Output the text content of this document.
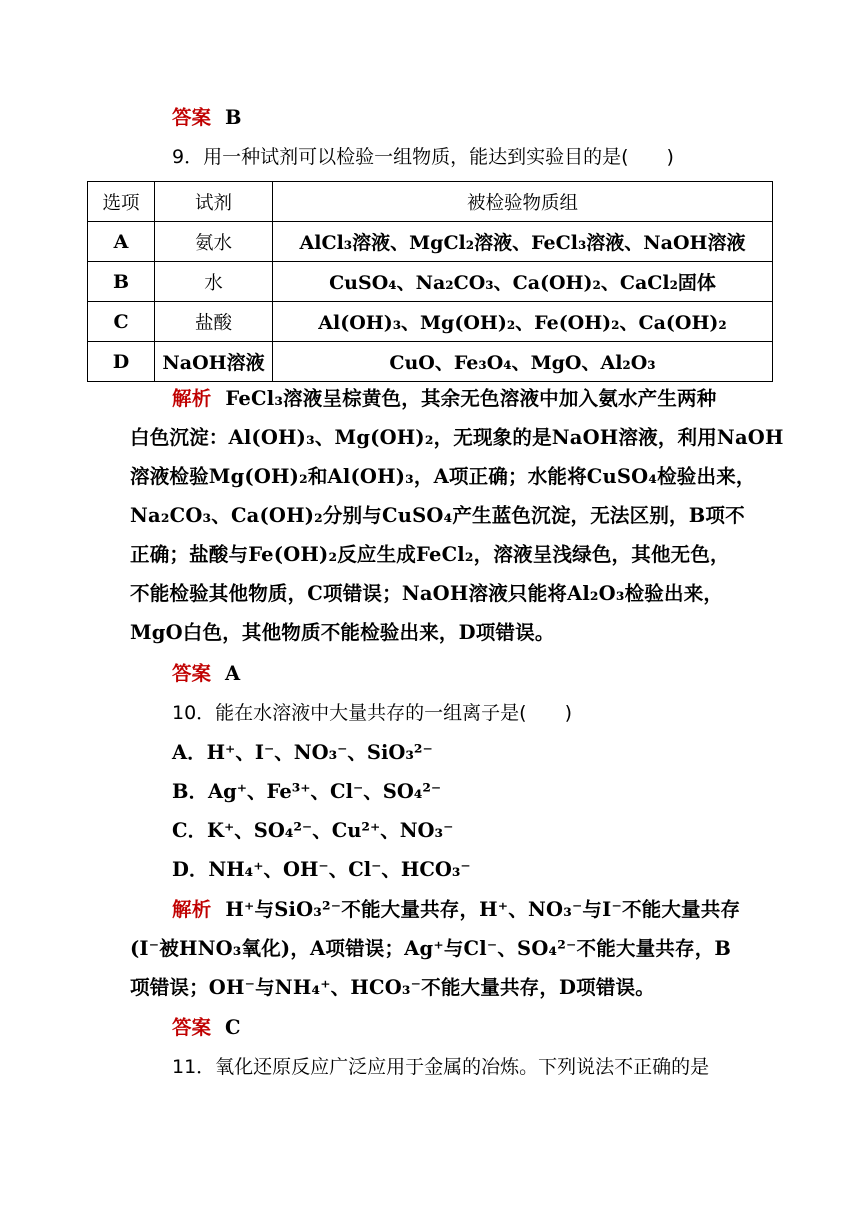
答案 B
9．用一种试剂可以检验一组物质，能达到实验目的是(　　)
选项	试剂	被检验物质组
A	氨水	AlCl₃溶液、MgCl₂溶液、FeCl₃溶液、NaOH溶液
B	水	CuSO₄、Na₂CO₃、Ca(OH)₂、CaCl₂固体
C	盐酸	Al(OH)₃、Mg(OH)₂、Fe(OH)₂、Ca(OH)₂
D	NaOH溶液	CuO、Fe₃O₄、MgO、Al₂O₃
解析 FeCl₃溶液呈棕黄色，其余无色溶液中加入氨水产生两种
白色沉淀：Al(OH)₃、Mg(OH)₂，无现象的是NaOH溶液，利用NaOH
溶液检验Mg(OH)₂和Al(OH)₃，A项正确；水能将CuSO₄检验出来，
Na₂CO₃、Ca(OH)₂分别与CuSO₄产生蓝色沉淀，无法区别，B项不
正确；盐酸与Fe(OH)₂反应生成FeCl₂，溶液呈浅绿色，其他无色，
不能检验其他物质，C项错误；NaOH溶液只能将Al₂O₃检验出来，
MgO白色，其他物质不能检验出来，D项错误。
答案 A
10．能在水溶液中大量共存的一组离子是(　　)
A．H⁺、I⁻、NO₃⁻、SiO₃²⁻
B．Ag⁺、Fe³⁺、Cl⁻、SO₄²⁻
C．K⁺、SO₄²⁻、Cu²⁺、NO₃⁻
D．NH₄⁺、OH⁻、Cl⁻、HCO₃⁻
解析 H⁺与SiO₃²⁻不能大量共存，H⁺、NO₃⁻与I⁻不能大量共存
(I⁻被HNO₃氧化)，A项错误；Ag⁺与Cl⁻、SO₄²⁻不能大量共存，B
项错误；OH⁻与NH₄⁺、HCO₃⁻不能大量共存，D项错误。
答案 C
11．氧化还原反应广泛应用于金属的冶炼。下列说法不正确的是
